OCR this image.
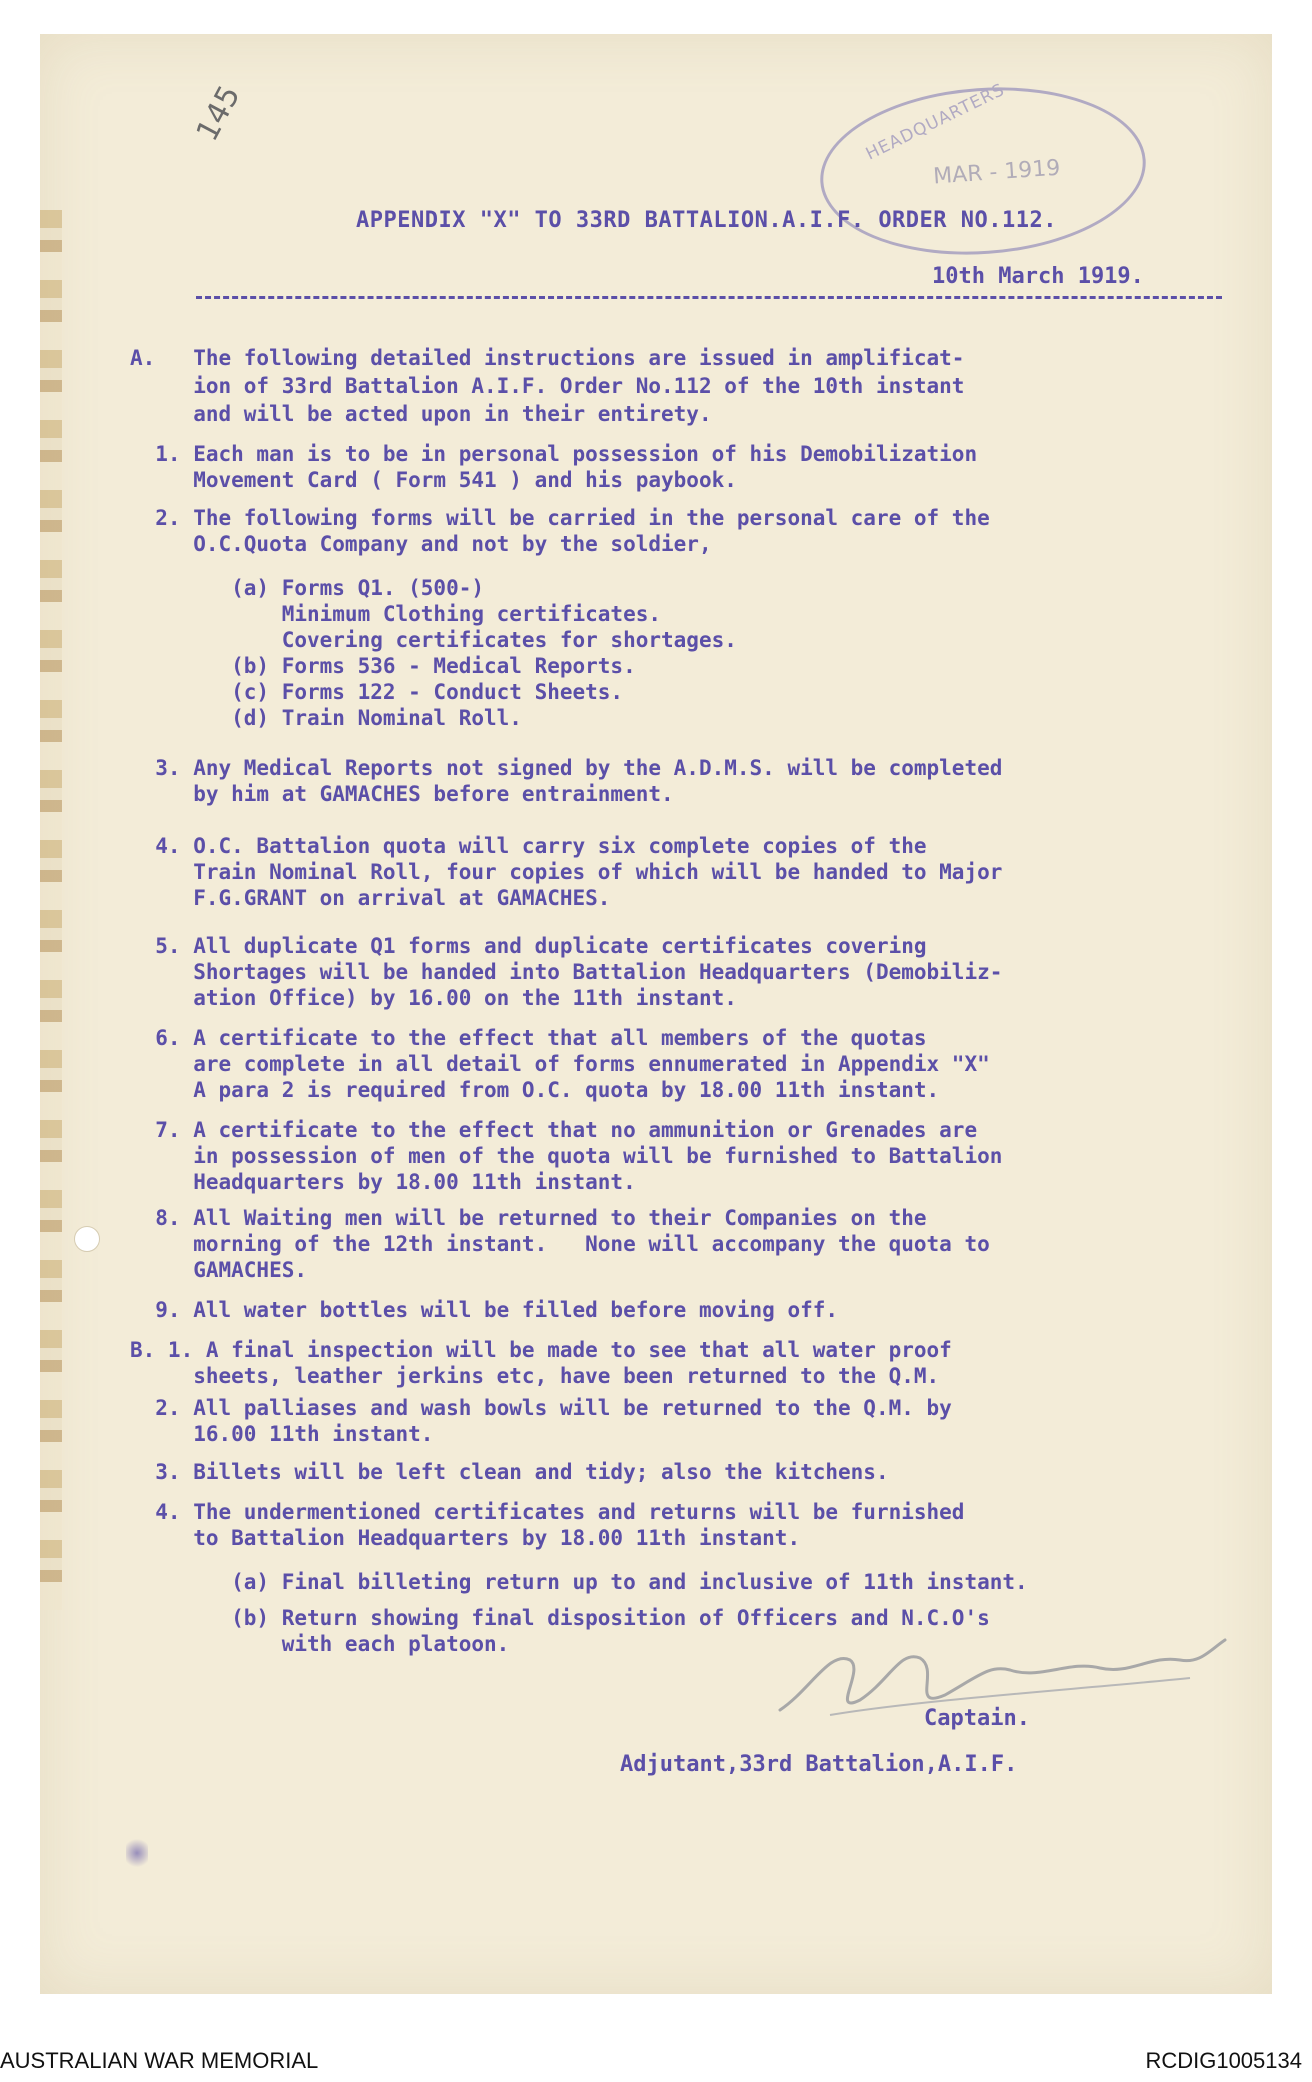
145	HEADQUARTERS
MAR - 1919
APPENDIX "X" TO 33RD BATTALION.A.I.F. ORDER NO.112.
10th March 1919.
A.   The following detailed instructions are issued in amplificat-
ion of 33rd Battalion A.I.F. Order No.112 of the 10th instant
and will be acted upon in their entirety.
1. Each man is to be in personal possession of his Demobilization
Movement Card ( Form 541 ) and his paybook.
2. The following forms will be carried in the personal care of the
O.C.Quota Company and not by the soldier,
(a) Forms Q1. (500-)
Minimum Clothing certificates.
Covering certificates for shortages.
(b) Forms 536 - Medical Reports.
(c) Forms 122 - Conduct Sheets.
(d) Train Nominal Roll.
3. Any Medical Reports not signed by the A.D.M.S. will be completed
by him at GAMACHES before entrainment.
4. O.C. Battalion quota will carry six complete copies of the
Train Nominal Roll, four copies of which will be handed to Major
F.G.GRANT on arrival at GAMACHES.
5. All duplicate Q1 forms and duplicate certificates covering
Shortages will be handed into Battalion Headquarters (Demobiliz-
ation Office) by 16.00 on the 11th instant.
6. A certificate to the effect that all members of the quotas
are complete in all detail of forms ennumerated in Appendix "X"
A para 2 is required from O.C. quota by 18.00 11th instant.
7. A certificate to the effect that no ammunition or Grenades are
in possession of men of the quota will be furnished to Battalion
Headquarters by 18.00 11th instant.
8. All Waiting men will be returned to their Companies on the
morning of the 12th instant.   None will accompany the quota to
GAMACHES.
9. All water bottles will be filled before moving off.
B. 1. A final inspection will be made to see that all water proof
sheets, leather jerkins etc, have been returned to the Q.M.
2. All palliases and wash bowls will be returned to the Q.M. by
16.00 11th instant.
3. Billets will be left clean and tidy; also the kitchens.
4. The undermentioned certificates and returns will be furnished
to Battalion Headquarters by 18.00 11th instant.
(a) Final billeting return up to and inclusive of 11th instant.
(b) Return showing final disposition of Officers and N.C.O's
with each platoon.
Captain.
Adjutant,33rd Battalion,A.I.F.
AUSTRALIAN WAR MEMORIAL	RCDIG1005134
